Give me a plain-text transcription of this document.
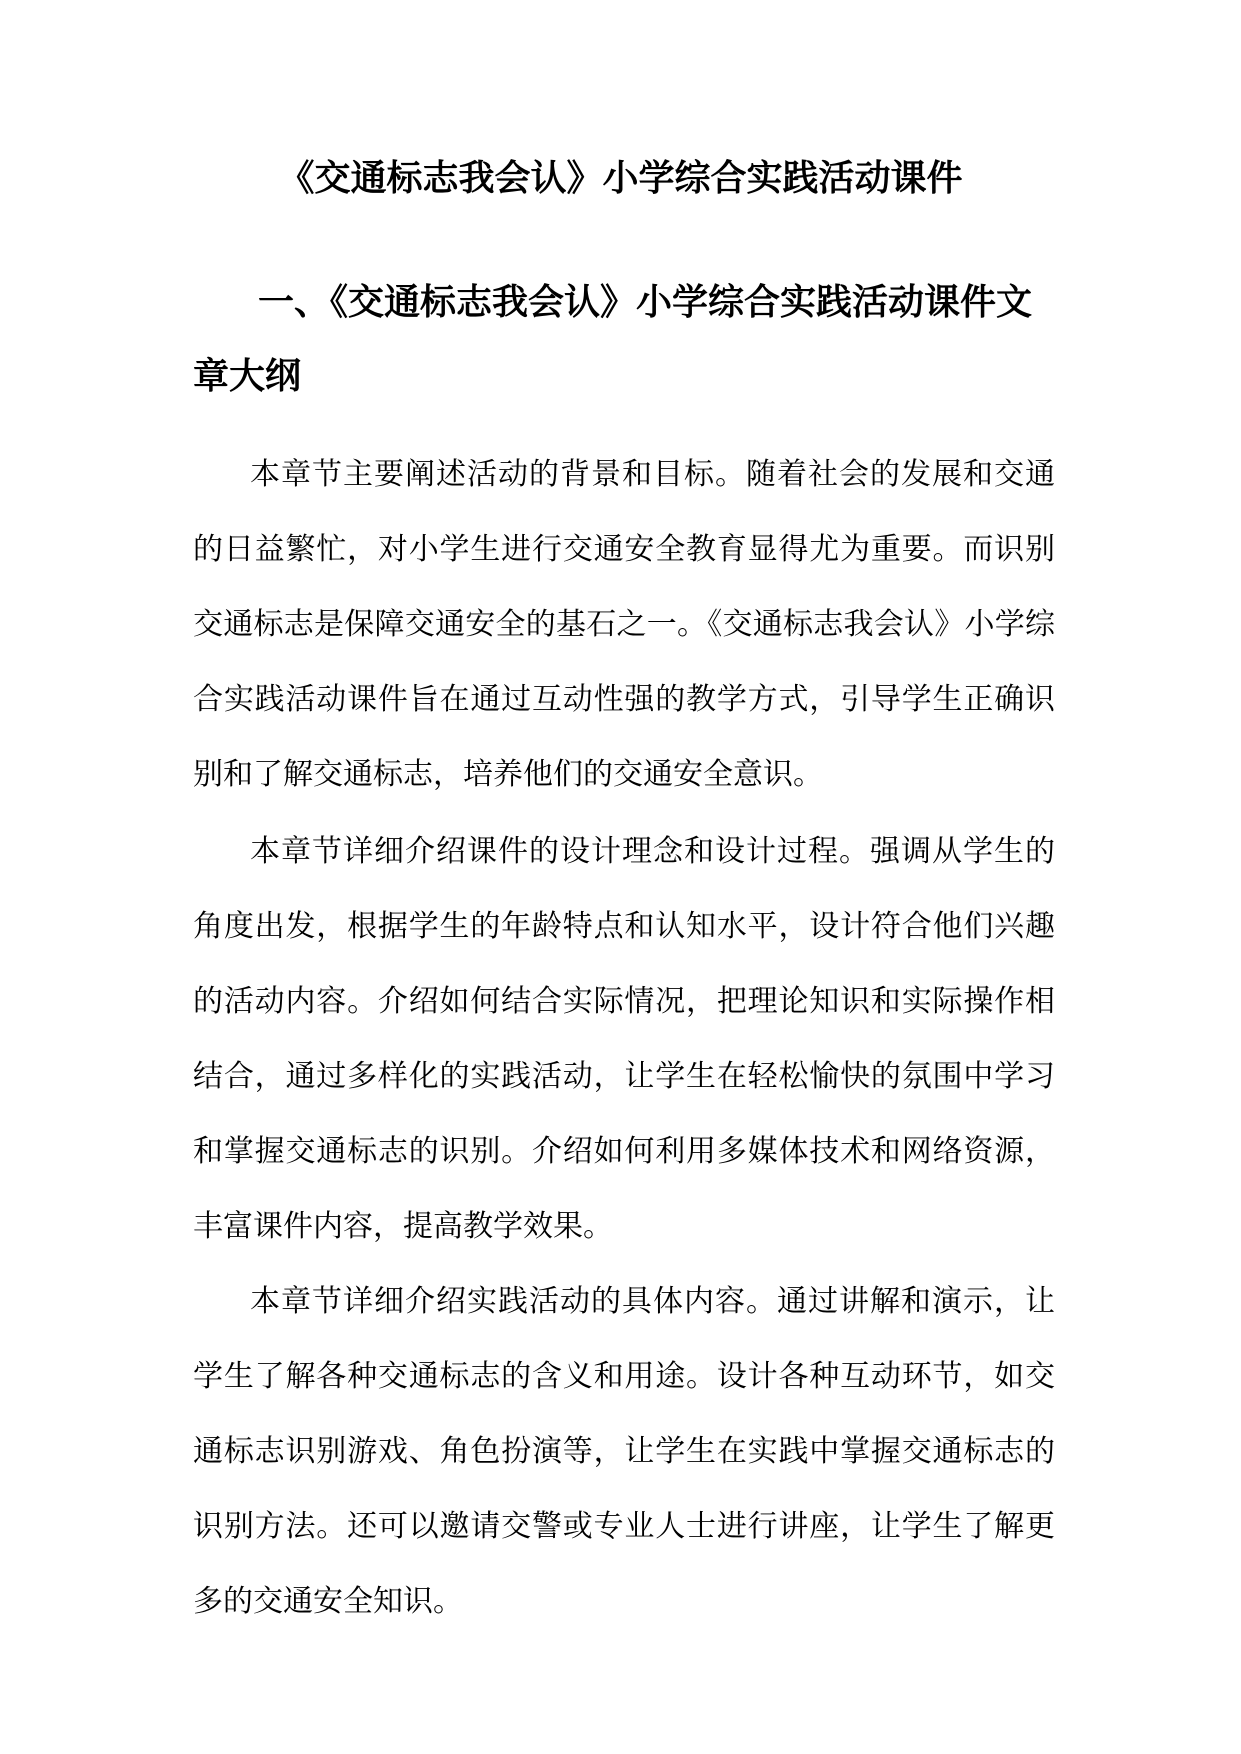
《交通标志我会认》小学综合实践活动课件

一、《交通标志我会认》小学综合实践活动课件文章大纲

本章节主要阐述活动的背景和目标。随着社会的发展和交通的日益繁忙，对小学生进行交通安全教育显得尤为重要。而识别交通标志是保障交通安全的基石之一。《交通标志我会认》小学综合实践活动课件旨在通过互动性强的教学方式，引导学生正确识别和了解交通标志，培养他们的交通安全意识。

本章节详细介绍课件的设计理念和设计过程。强调从学生的角度出发，根据学生的年龄特点和认知水平，设计符合他们兴趣的活动内容。介绍如何结合实际情况，把理论知识和实际操作相结合，通过多样化的实践活动，让学生在轻松愉快的氛围中学习和掌握交通标志的识别。介绍如何利用多媒体技术和网络资源，丰富课件内容，提高教学效果。

本章节详细介绍实践活动的具体内容。通过讲解和演示，让学生了解各种交通标志的含义和用途。设计各种互动环节，如交通标志识别游戏、角色扮演等，让学生在实践中掌握交通标志的识别方法。还可以邀请交警或专业人士进行讲座，让学生了解更多的交通安全知识。
